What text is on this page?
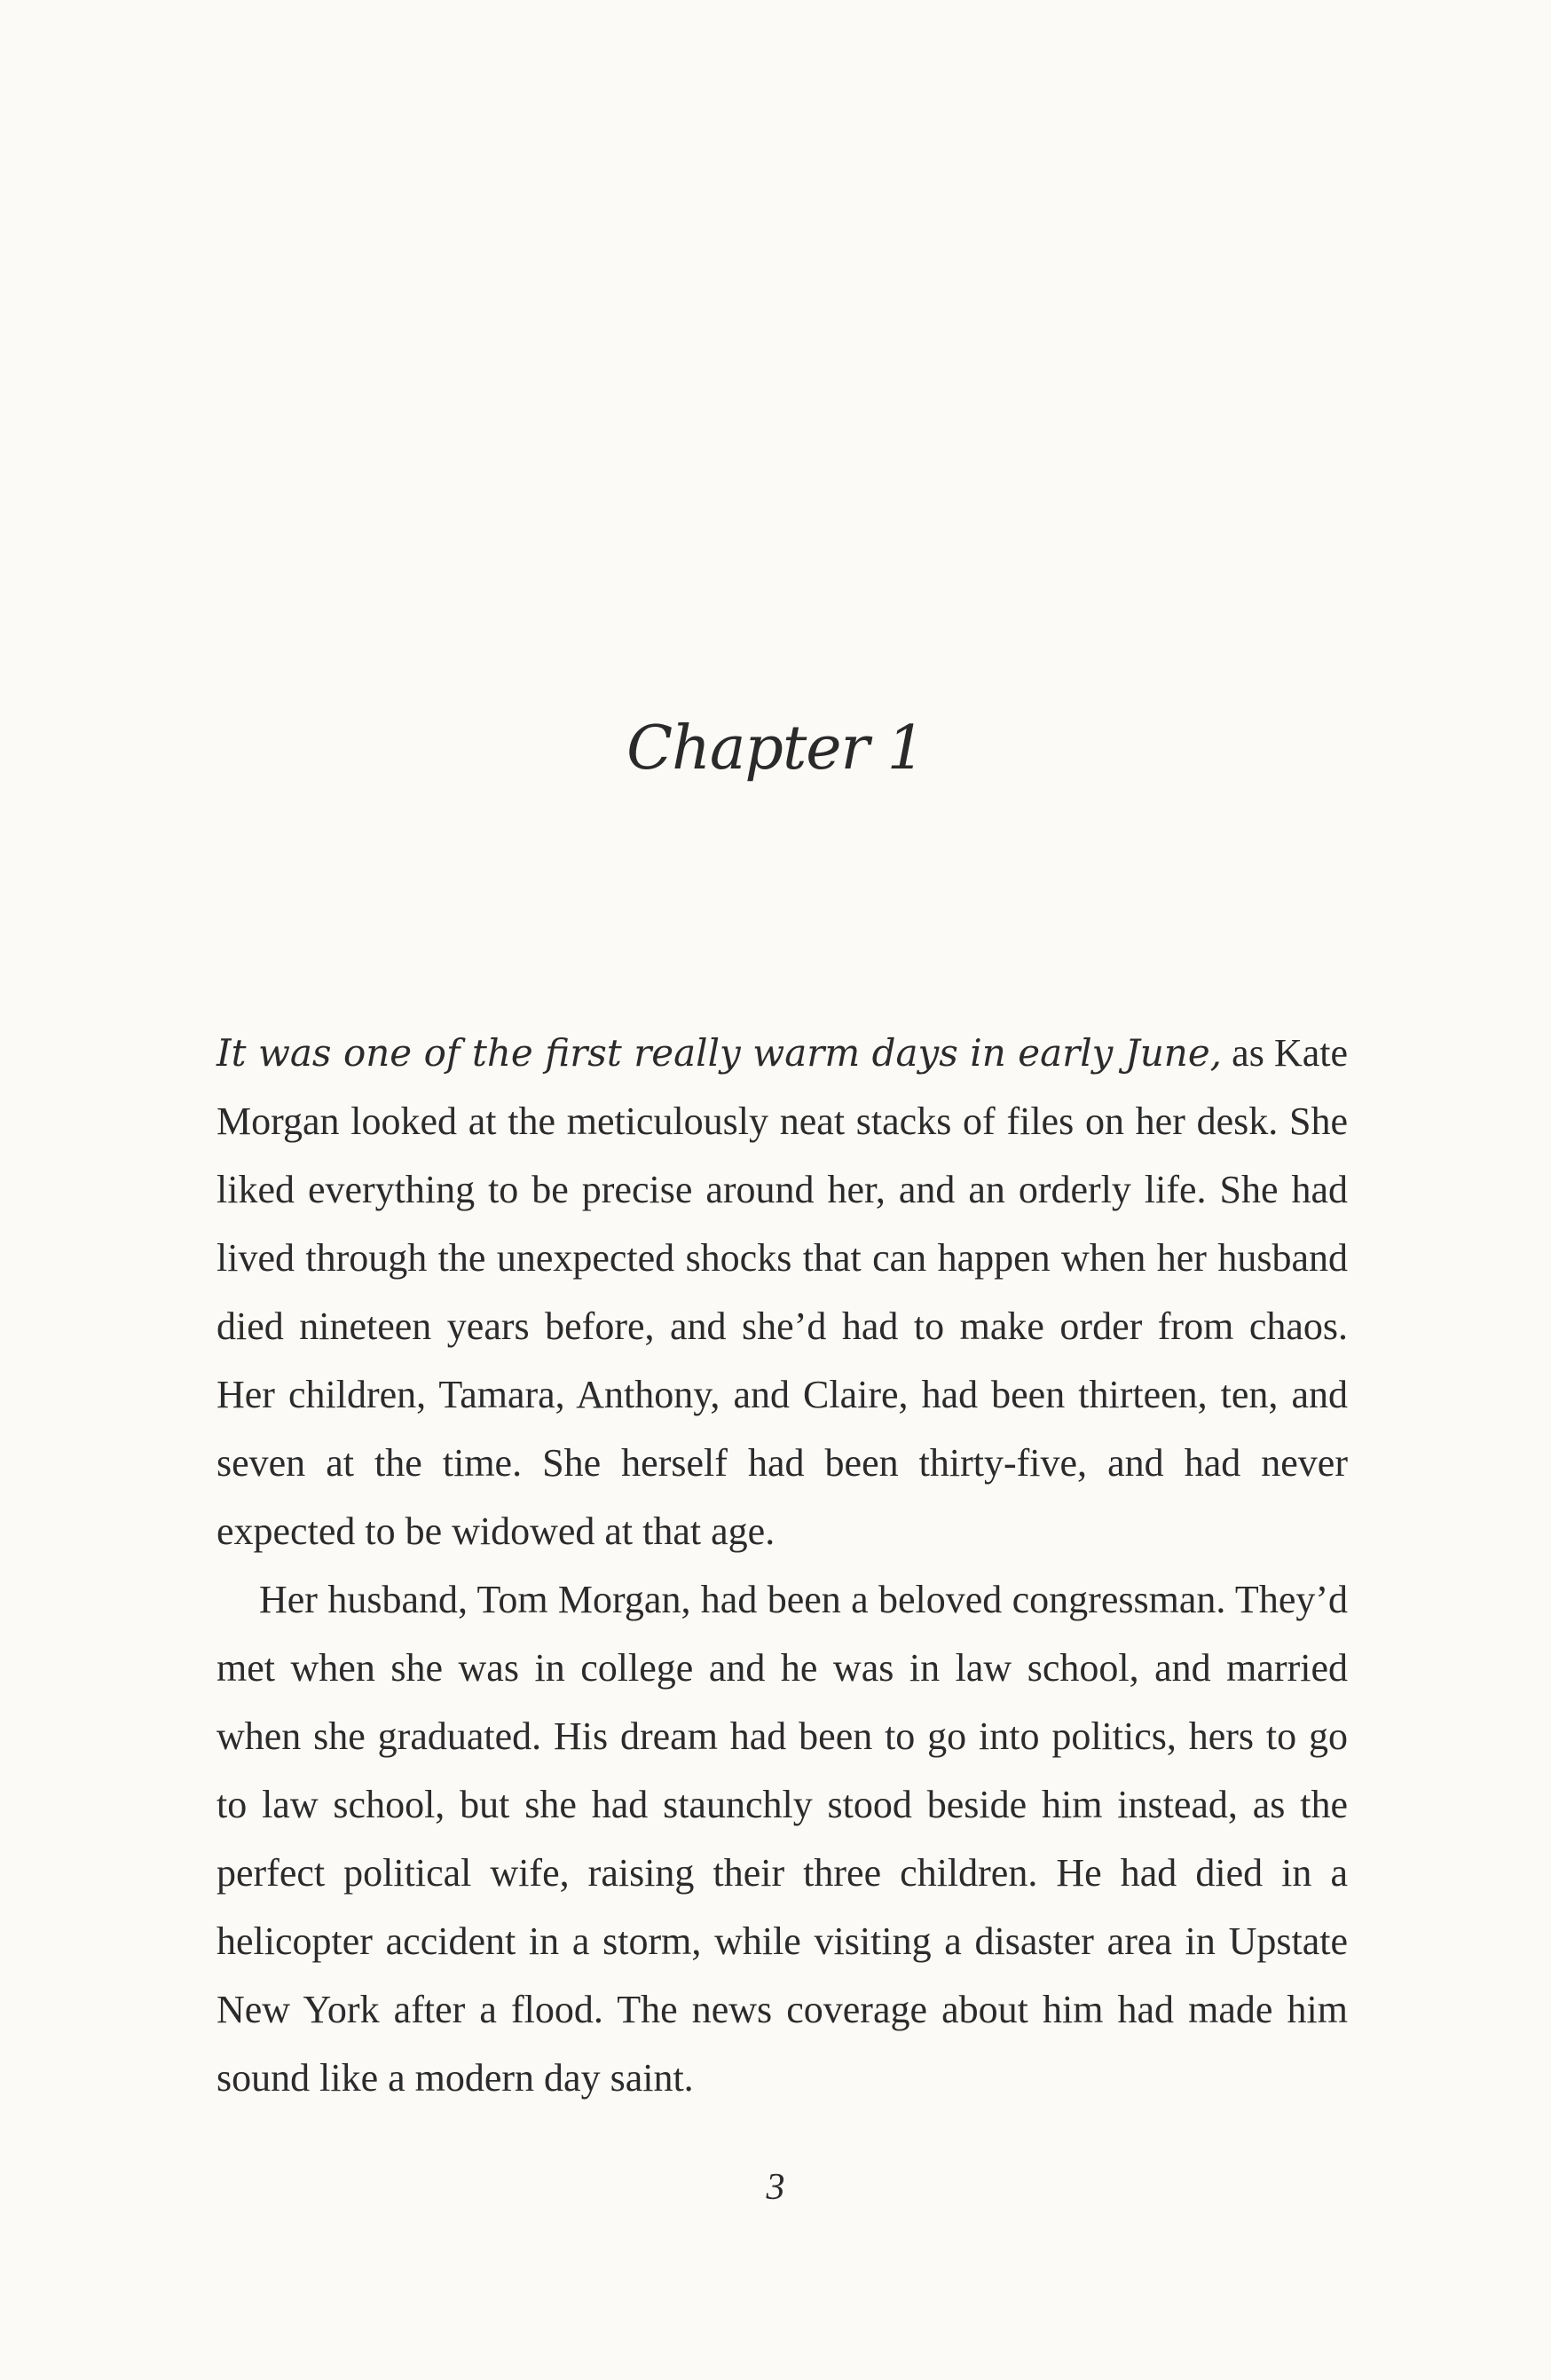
Chapter 1

It was one of the first really warm days in early June, as Kate Morgan looked at the meticulously neat stacks of files on her desk. She liked everything to be precise around her, and an orderly life. She had lived through the unexpected shocks that can happen when her husband died nineteen years before, and she’d had to make order from chaos. Her children, Tamara, Anthony, and Claire, had been thirteen, ten, and seven at the time. She herself had been thirty-five, and had never expected to be widowed at that age.

Her husband, Tom Morgan, had been a beloved congressman. They’d met when she was in college and he was in law school, and married when she graduated. His dream had been to go into politics, hers to go to law school, but she had staunchly stood beside him instead, as the perfect political wife, raising their three children. He had died in a helicopter accident in a storm, while visiting a disaster area in Upstate New York after a flood. The news coverage about him had made him sound like a modern day saint.

3
